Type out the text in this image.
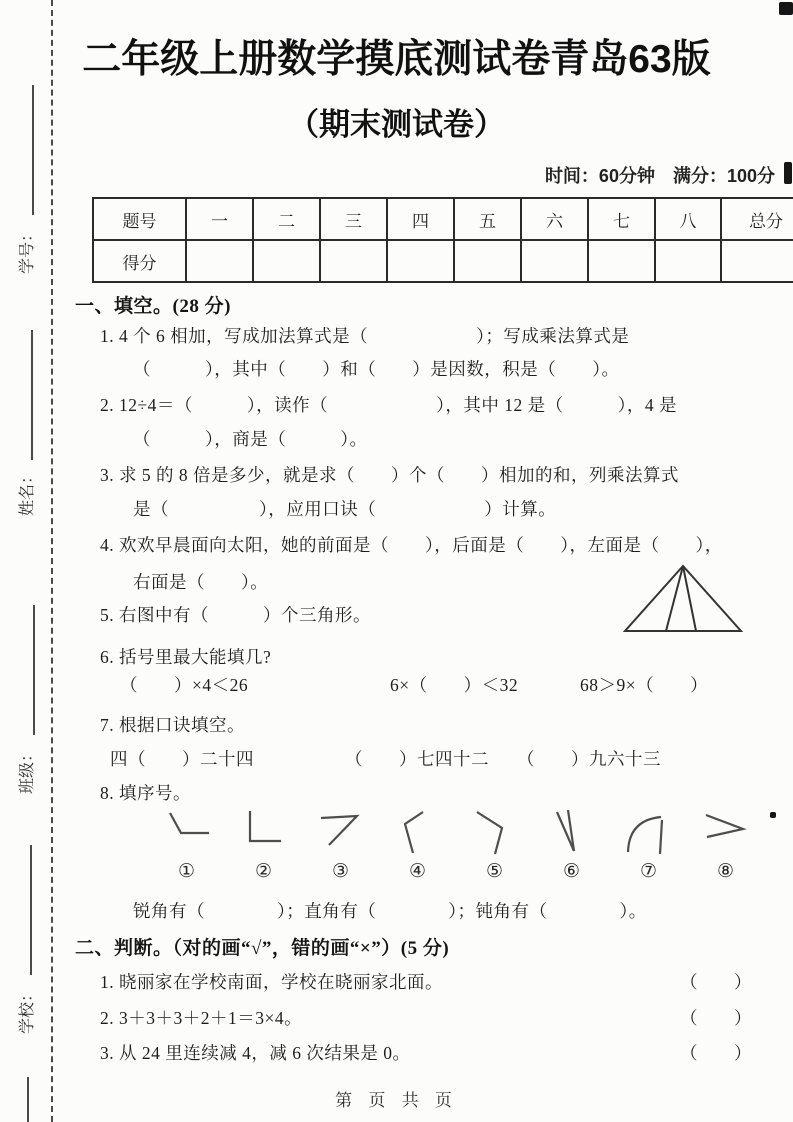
学号：
姓名：
班级：
学校：
二年级上册数学摸底测试卷青岛63版
（期末测试卷）
时间：60分钟　满分：100分
题号	一	二	三	四	五	六	七	八	总分
得分									
一、填空。(28 分)
1. 4 个 6 相加，写成加法算式是（　　　　　　）；写成乘法算式是
（　　　），其中（　　）和（　　）是因数，积是（　　）。
2. 12÷4＝（　　　），读作（　　　　　　），其中 12 是（　　　），4 是
（　　　），商是（　　　）。
3. 求 5 的 8 倍是多少，就是求（　　）个（　　）相加的和，列乘法算式
是（　　　　　），应用口诀（　　　　　　）计算。
4. 欢欢早晨面向太阳，她的前面是（　　），后面是（　　），左面是（　　），
右面是（　　）。
5. 右图中有（　　　）个三角形。
6. 括号里最大能填几?
（　　）×4＜26	6×（　　）＜32	68＞9×（　　）
7. 根据口诀填空。
四（　　）二十四	（　　）七四十二 （　　）九六十三
8. 填序号。
①	②	③	④	⑤	⑥	⑦	⑧
锐角有（　　　　）；直角有（　　　　）；钝角有（　　　　）。
二、判断。（对的画“√”，错的画“×”）(5 分)
1. 晓丽家在学校南面，学校在晓丽家北面。	（　　）
2. 3＋3＋3＋2＋1＝3×4。	（　　）
3. 从 24 里连续减 4，减 6 次结果是 0。	（　　）
第 页 共 页
